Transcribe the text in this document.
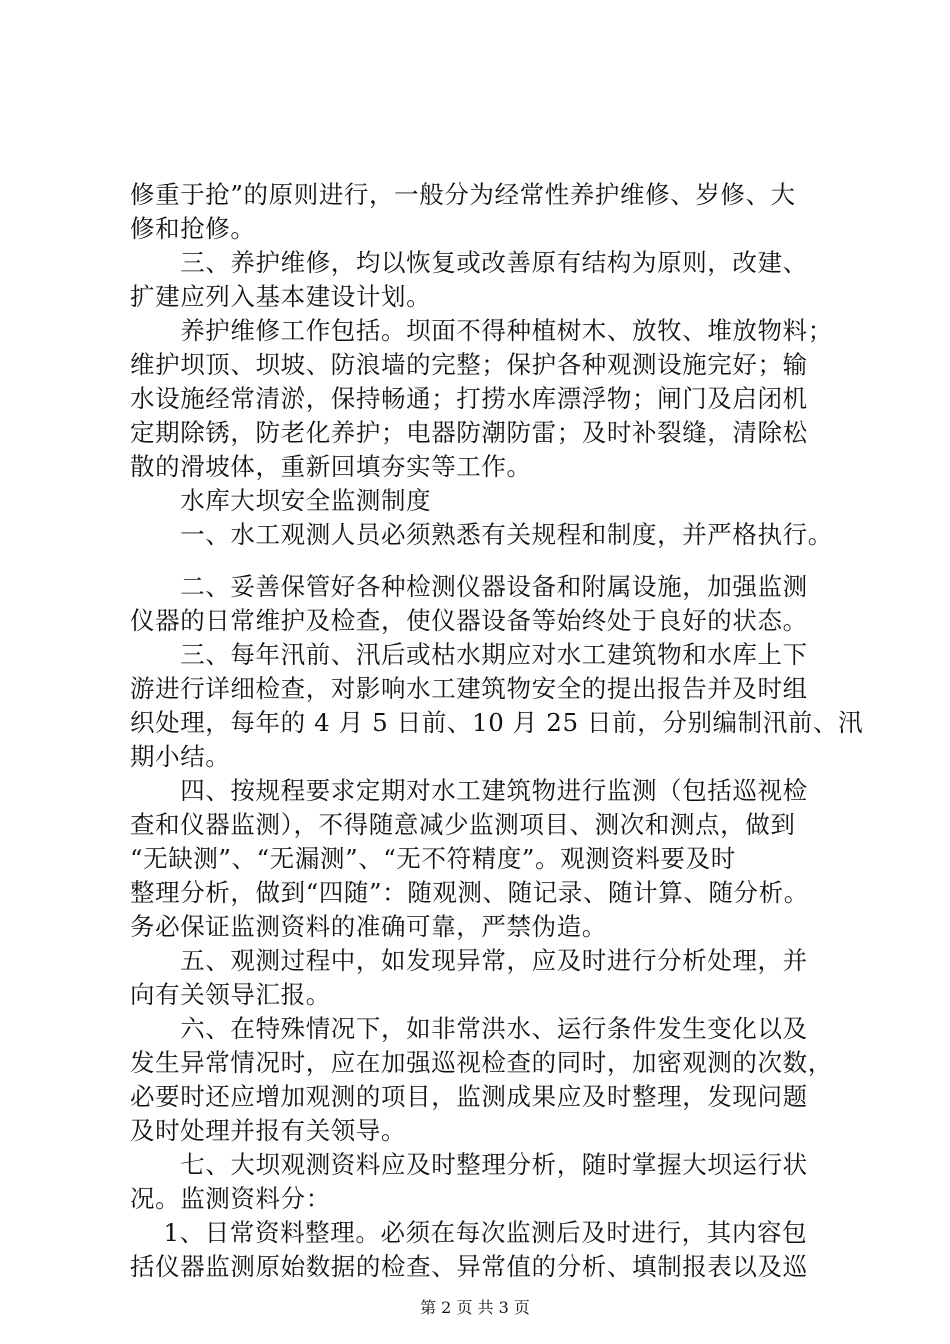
修重于抢”的原则进行，一般分为经常性养护维修、岁修、大
修和抢修。
　　三、养护维修，均以恢复或改善原有结构为原则，改建、
扩建应列入基本建设计划。
　　养护维修工作包括。坝面不得种植树木、放牧、堆放物料；
维护坝顶、坝坡、防浪墙的完整；保护各种观测设施完好；输
水设施经常清淤，保持畅通；打捞水库漂浮物；闸门及启闭机
定期除锈，防老化养护；电器防潮防雷；及时补裂缝，清除松
散的滑坡体，重新回填夯实等工作。
　　水库大坝安全监测制度
　　一、水工观测人员必须熟悉有关规程和制度，并严格执行。
　　二、妥善保管好各种检测仪器设备和附属设施，加强监测
仪器的日常维护及检查，使仪器设备等始终处于良好的状态。
　　三、每年汛前、汛后或枯水期应对水工建筑物和水库上下
游进行详细检查，对影响水工建筑物安全的提出报告并及时组
织处理，每年的 4 月 5 日前、10 月 25 日前，分别编制汛前、汛
期小结。
　　四、按规程要求定期对水工建筑物进行监测（包括巡视检
查和仪器监测），不得随意减少监测项目、测次和测点，做到
“无缺测”、“无漏测”、“无不符精度”。观测资料要及时
整理分析，做到“四随”：随观测、随记录、随计算、随分析。
务必保证监测资料的准确可靠，严禁伪造。
　　五、观测过程中，如发现异常，应及时进行分析处理，并
向有关领导汇报。
　　六、在特殊情况下，如非常洪水、运行条件发生变化以及
发生异常情况时，应在加强巡视检查的同时，加密观测的次数，
必要时还应增加观测的项目，监测成果应及时整理，发现问题
及时处理并报有关领导。
　　七、大坝观测资料应及时整理分析，随时掌握大坝运行状
况。监测资料分：
　 1、日常资料整理。必须在每次监测后及时进行，其内容包
括仪器监测原始数据的检查、异常值的分析、填制报表以及巡
第 2 页 共 3 页
